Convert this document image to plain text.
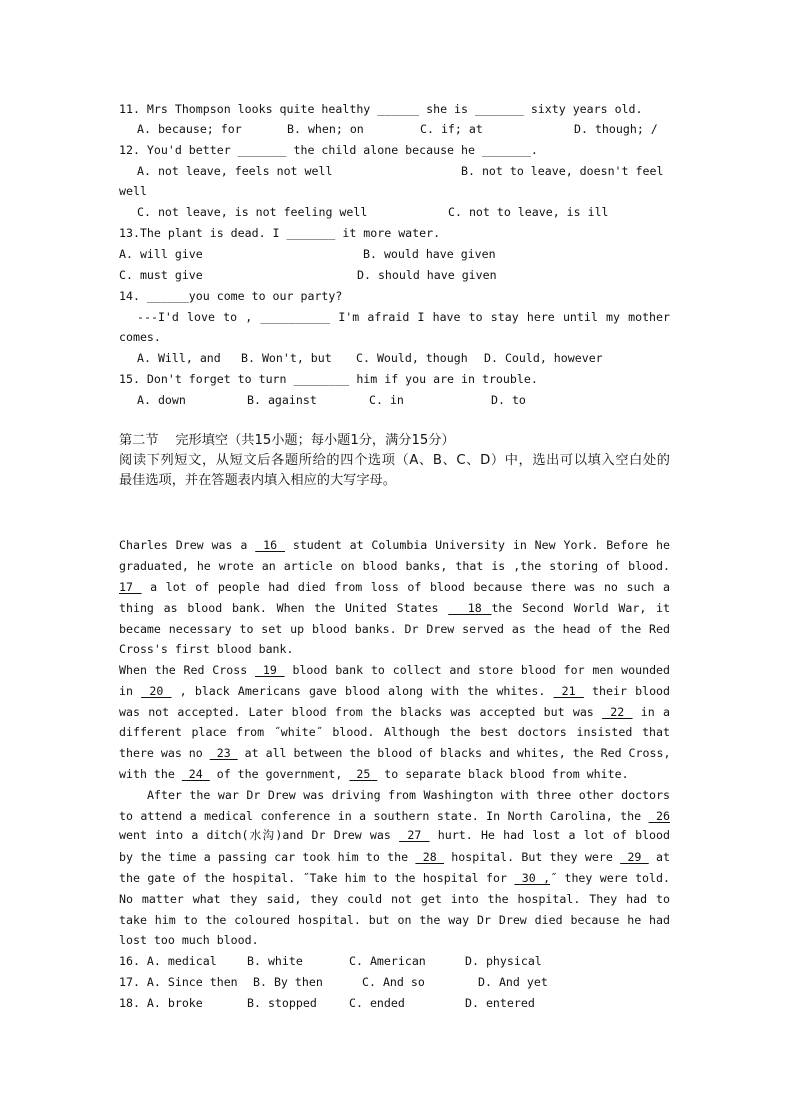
第二节    完形填空（共15小题；每小题1分，满分15分）
阅读下列短文，从短文后各题所给的四个选项（A、B、C、D）中，选出可以填入空白处的
最佳选项，并在答题表内填入相应的大写字母。
11. Mrs Thompson looks quite healthy ______ she is _______ sixty years old.
A. because; for	B. when; on	C. if; at	D. though; /
12. You'd better _______ the child alone because he _______.
A. not leave, feels not well	B. not to leave, doesn't feel
well
C. not leave, is not feeling well	C. not to leave, is ill
13.The plant is dead. I _______ it more water.
A. will give	B. would have given
C. must give	D. should have given
14. ______you come to our party?
---I'd love to , __________ I'm afraid I have to stay here until my mother
comes.
A. Will, and B. Won't, but C. Would, though D. Could, however
15. Don't forget to turn ________ him if you are in trouble.
A. down	B. against	C. in	D. to
Charles Drew was a  16  student at Columbia University in New York. Before he
graduated, he wrote an article on blood banks, that is ,the storing of blood.
17  a lot of people had died from loss of blood because there was no such a
thing as blood bank. When the United States   18 the Second World War, it
became necessary to set up blood banks. Dr Drew served as the head of the Red
Cross's first blood bank.
When the Red Cross  19  blood bank to collect and store blood for men wounded
in  20  , black Americans gave blood along with the whites.  21  their blood
was not accepted. Later blood from the blacks was accepted but was  22  in a
different place from ˝white˝ blood. Although the best doctors insisted that
there was no  23  at all between the blood of blacks and whites, the Red Cross,
with the  24  of the government,  25  to separate black blood from white.
After the war Dr Drew was driving from Washington with three other doctors
to attend a medical conference in a southern state. In North Carolina, the  26
went into a ditch(水沟)and Dr Drew was  27  hurt. He had lost a lot of blood
by the time a passing car took him to the  28  hospital. But they were  29  at
the gate of the hospital. ˝Take him to the hospital for  30 ,˝ they were told.
No matter what they said, they could not get into the hospital. They had to
take him to the coloured hospital. but on the way Dr Drew died because he had
lost too much blood.
16. A. medical	B. white	C. American	D. physical
17. A. Since then B. By then	C. And so	D. And yet
18. A. broke	B. stopped	C. ended	D. entered
